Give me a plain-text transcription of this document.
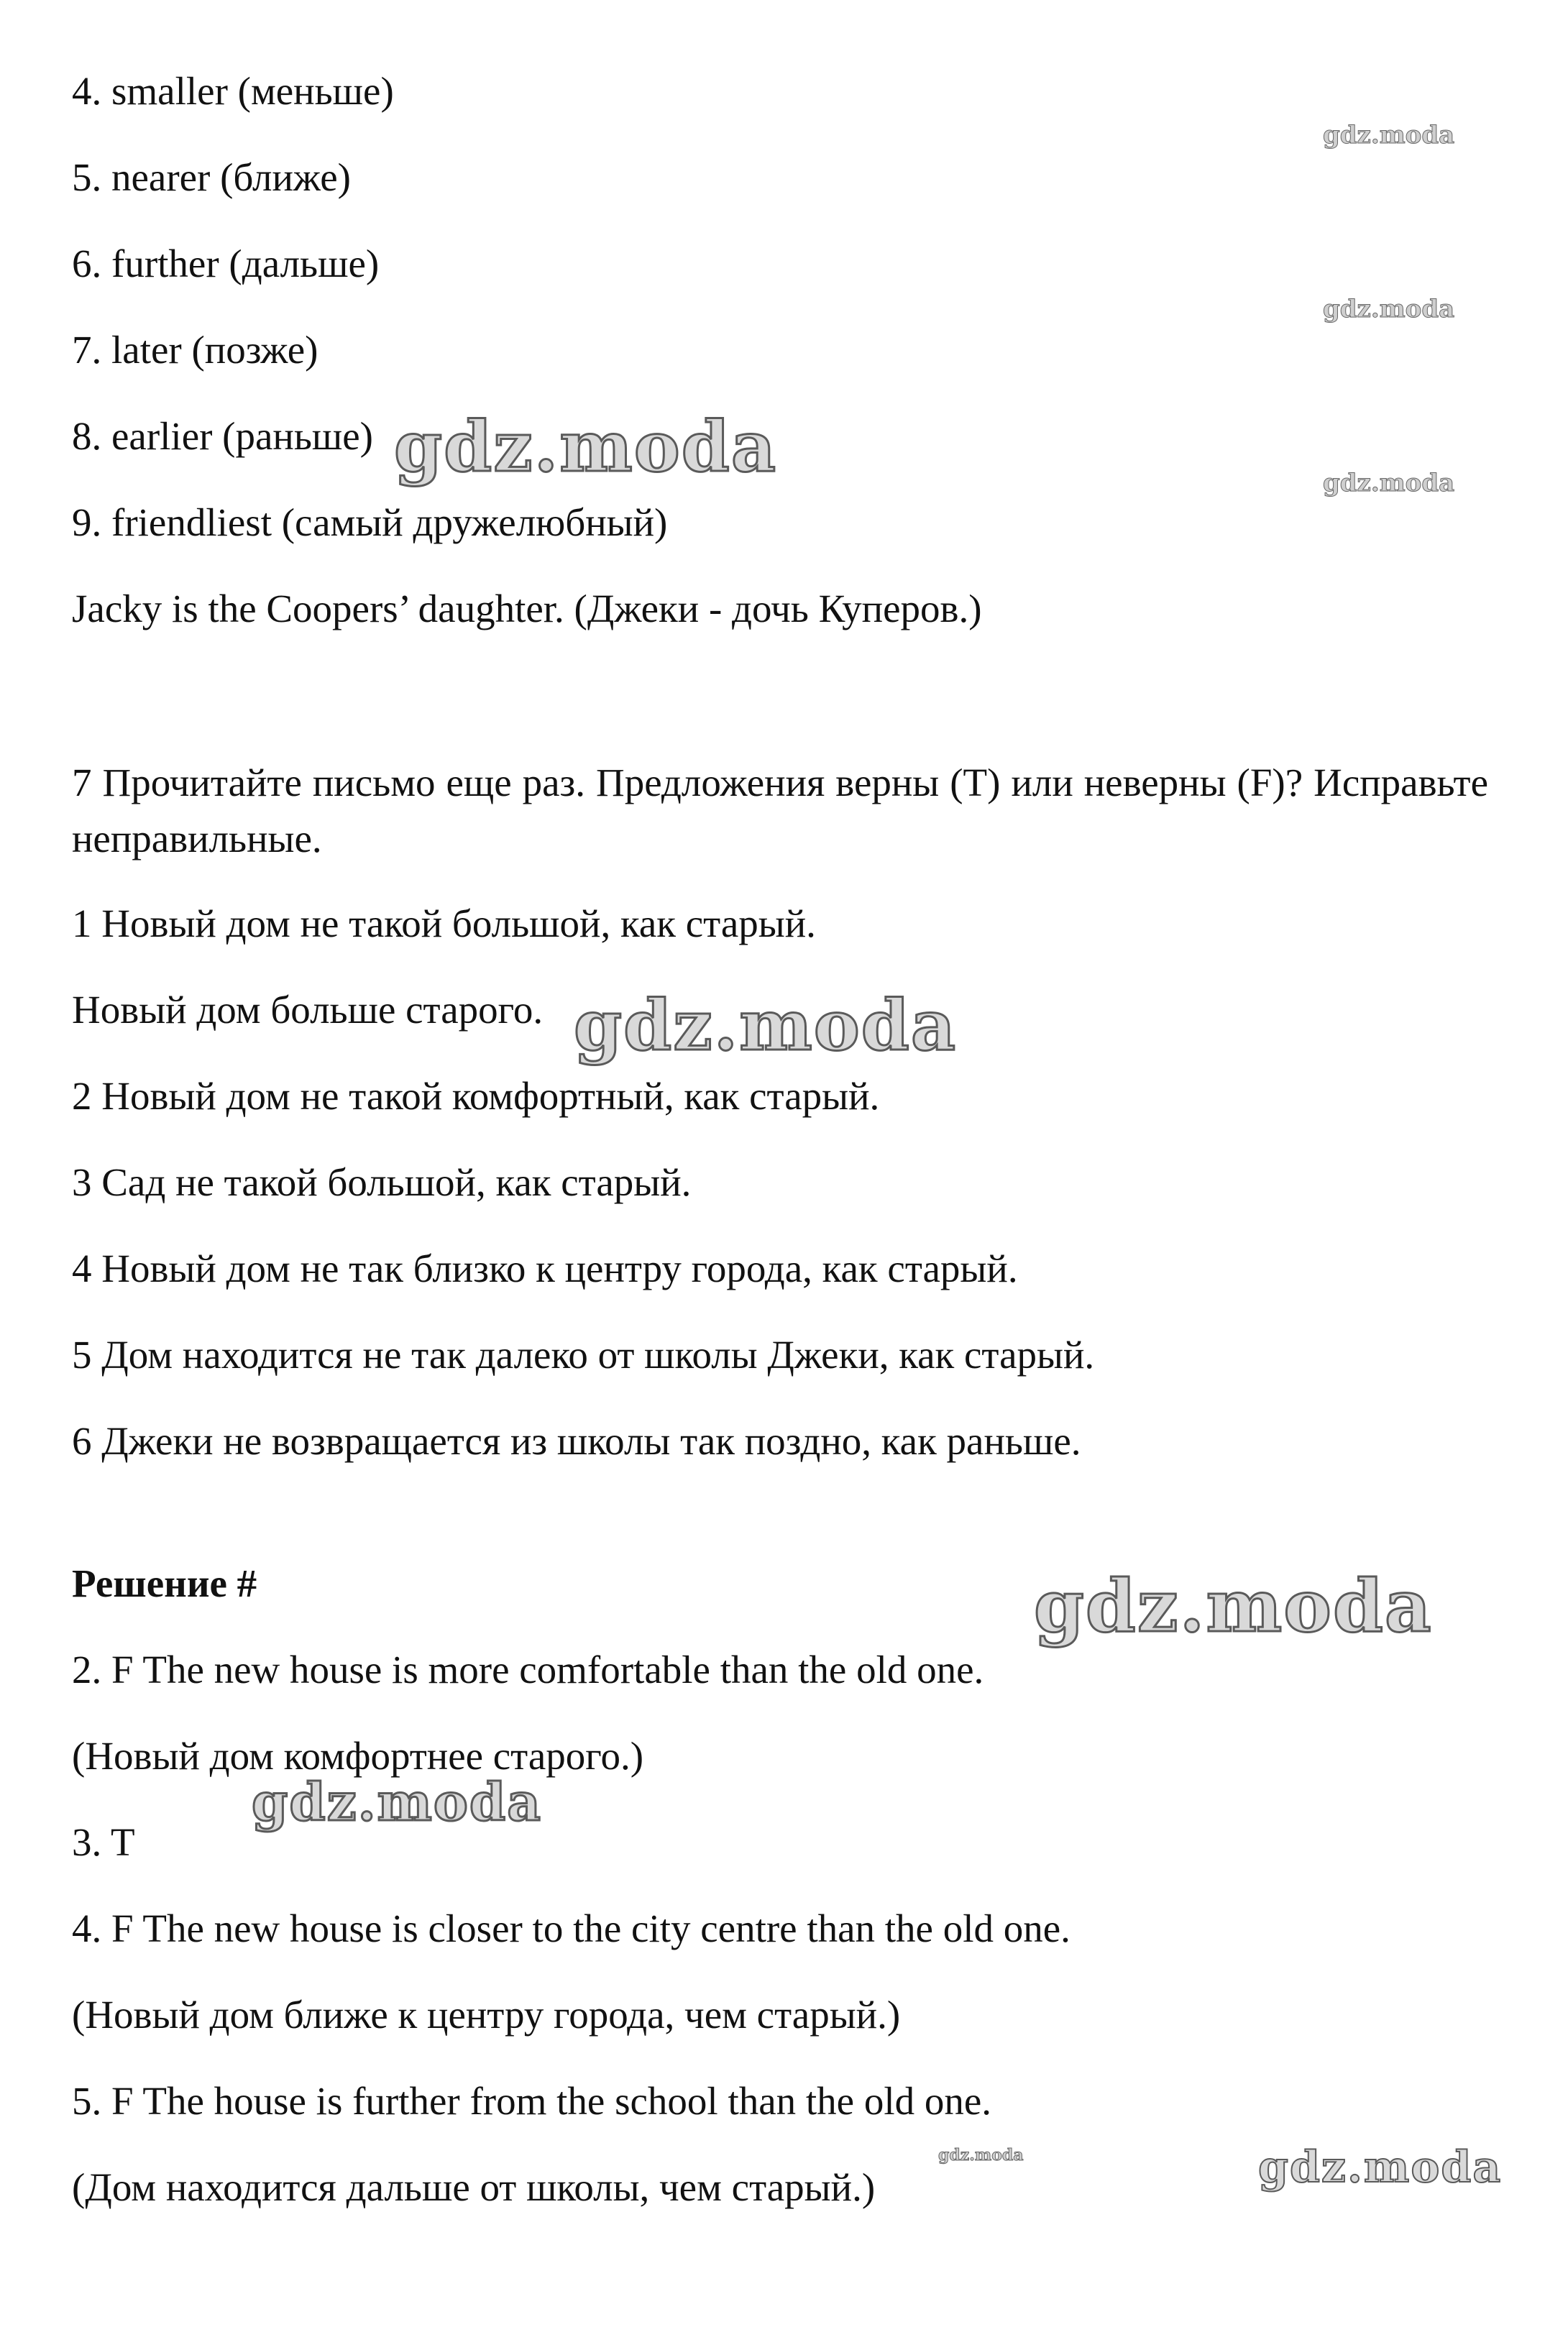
4. smaller (меньше)
5. nearer (ближе)
6. further (дальше)
7. later (позже)
8. earlier (раньше)
9. friendliest (самый дружелюбный)
Jacky is the Coopers’ daughter. (Джеки - дочь Куперов.)
7 Прочитайте письмо еще раз. Предложения верны (T) или неверны (F)? Исправьте неправильные.
1 Новый дом не такой большой, как старый.
Новый дом больше старого.
2 Новый дом не такой комфортный, как старый.
3 Сад не такой большой, как старый.
4 Новый дом не так близко к центру города, как старый.
5 Дом находится не так далеко от школы Джеки, как старый.
6 Джеки не возвращается из школы так поздно, как раньше.
Решение #
2. F The new house is more comfortable than the old one.
(Новый дом комфортнее старого.)
3. T
4. F The new house is closer to the city centre than the old one.
(Новый дом ближе к центру города, чем старый.)
5. F The house is further from the school than the old one.
(Дом находится дальше от школы, чем старый.)
gdz.moda
gdz.moda
gdz.moda
gdz.moda
gdz.moda
gdz.moda
gdz.moda
gdz.moda	gdz.moda
